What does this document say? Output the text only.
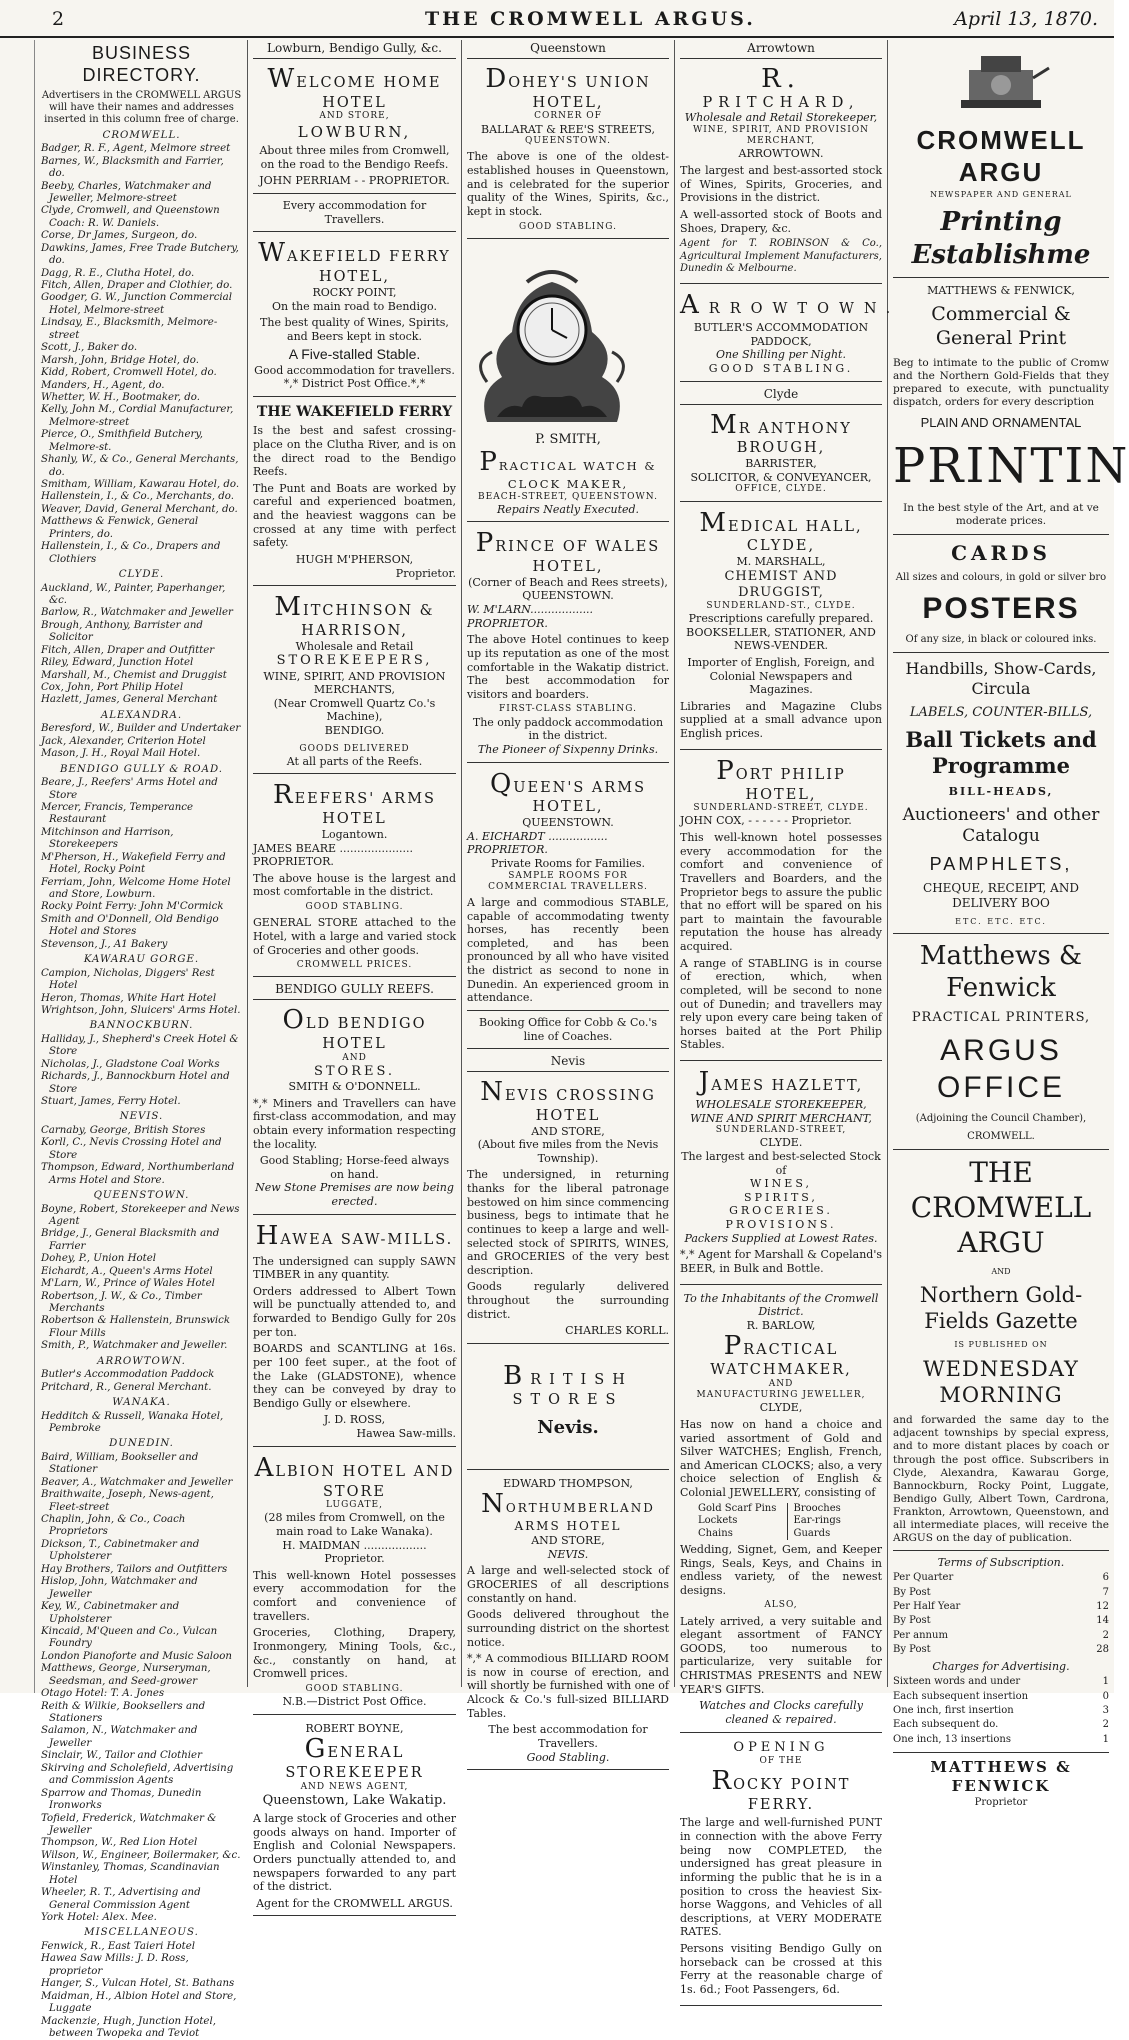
2	THE CROMWELL ARGUS.	April 13, 1870.
BUSINESS DIRECTORY.
Advertisers in the CROMWELL ARGUS will have their names and addresses inserted in this column free of charge.
CROMWELL.
Badger, R. F., Agent, Melmore street
Barnes, W., Blacksmith and Farrier, do.
Beeby, Charles, Watchmaker and Jeweller, Melmore-street
Clyde, Cromwell, and Queenstown Coach: R. W. Daniels.
Corse, Dr James, Surgeon, do.
Dawkins, James, Free Trade Butchery, do.
Dagg, R. E., Clutha Hotel, do.
Fitch, Allen, Draper and Clothier, do.
Goodger, G. W., Junction Commercial Hotel, Melmore-street
Lindsay, E., Blacksmith, Melmore-street
Scott, J., Baker do.
Marsh, John, Bridge Hotel, do.
Kidd, Robert, Cromwell Hotel, do.
Manders, H., Agent, do.
Whetter, W. H., Bootmaker, do.
Kelly, John M., Cordial Manufacturer, Melmore-street
Pierce, O., Smithfield Butchery, Melmore-st.
Shanly, W., & Co., General Merchants, do.
Smitham, William, Kawarau Hotel, do.
Hallenstein, I., & Co., Merchants, do.
Weaver, David, General Merchant, do.
Matthews & Fenwick, General Printers, do.
Hallenstein, I., & Co., Drapers and Clothiers
CLYDE.
Auckland, W., Painter, Paperhanger, &c.
Barlow, R., Watchmaker and Jeweller
Brough, Anthony, Barrister and Solicitor
Fitch, Allen, Draper and Outfitter
Riley, Edward, Junction Hotel
Marshall, M., Chemist and Druggist
Cox, John, Port Philip Hotel
Hazlett, James, General Merchant
ALEXANDRA.
Beresford, W., Builder and Undertaker
Jack, Alexander, Criterion Hotel
Mason, J. H., Royal Mail Hotel.
BENDIGO GULLY & ROAD.
Beare, J., Reefers' Arms Hotel and Store
Mercer, Francis, Temperance Restaurant
Mitchinson and Harrison, Storekeepers
M'Pherson, H., Wakefield Ferry and Hotel, Rocky Point
Ferriam, John, Welcome Home Hotel and Store, Lowburn.
Rocky Point Ferry: John M'Cormick
Smith and O'Donnell, Old Bendigo Hotel and Stores
Stevenson, J., A1 Bakery
KAWARAU GORGE.
Campion, Nicholas, Diggers' Rest Hotel
Heron, Thomas, White Hart Hotel
Wrightson, John, Sluicers' Arms Hotel.
BANNOCKBURN.
Halliday, J., Shepherd's Creek Hotel & Store
Nicholas, J., Gladstone Coal Works
Richards, J., Bannockburn Hotel and Store
Stuart, James, Ferry Hotel.
NEVIS.
Carnaby, George, British Stores
Korll, C., Nevis Crossing Hotel and Store
Thompson, Edward, Northumberland Arms Hotel and Store.
QUEENSTOWN.
Boyne, Robert, Storekeeper and News Agent
Bridge, J., General Blacksmith and Farrier
Dohey, P., Union Hotel
Eichardt, A., Queen's Arms Hotel
M'Larn, W., Prince of Wales Hotel
Robertson, J. W., & Co., Timber Merchants
Robertson & Hallenstein, Brunswick Flour Mills
Smith, P., Watchmaker and Jeweller.
ARROWTOWN.
Butler's Accommodation Paddock
Pritchard, R., General Merchant.
WANAKA.
Hedditch & Russell, Wanaka Hotel, Pembroke
DUNEDIN.
Baird, William, Bookseller and Stationer
Beaver, A., Watchmaker and Jeweller
Braithwaite, Joseph, News-agent, Fleet-street
Chaplin, John, & Co., Coach Proprietors
Dickson, T., Cabinetmaker and Upholsterer
Hay Brothers, Tailors and Outfitters
Hislop, John, Watchmaker and Jeweller
Key, W., Cabinetmaker and Upholsterer
Kincaid, M'Queen and Co., Vulcan Foundry
London Pianoforte and Music Saloon
Matthews, George, Nurseryman, Seedsman, and Seed-grower
Otago Hotel: T. A. Jones
Reith & Wilkie, Booksellers and Stationers
Salamon, N., Watchmaker and Jeweller
Sinclair, W., Tailor and Clothier
Skirving and Scholefield, Advertising and Commission Agents
Sparrow and Thomas, Dunedin Ironworks
Tofield, Frederick, Watchmaker & Jeweller
Thompson, W., Red Lion Hotel
Wilson, W., Engineer, Boilermaker, &c.
Winstanley, Thomas, Scandinavian Hotel
Wheeler, R. T., Advertising and General Commission Agent
York Hotel: Alex. Mee.
MISCELLANEOUS.
Fenwick, R., East Taieri Hotel
Hawea Saw Mills: J. D. Ross, proprietor
Hanger, S., Vulcan Hotel, St. Bathans
Maidman, H., Albion Hotel and Store, Luggate
Mackenzie, Hugh, Junction Hotel, between Twopeka and Teviot
Lowburn, Bendigo Gully, &c.
WELCOME HOME HOTEL
AND STORE,
LOWBURN,

About three miles from Cromwell, on the road to the Bendigo Reefs.

JOHN PERRIAM - - PROPRIETOR.
Every accommodation for Travellers.
WAKEFIELD FERRY HOTEL,
ROCKY POINT,
On the main road to Bendigo.

The best quality of Wines, Spirits, and Beers kept in stock.

A Five-stalled Stable.
Good accommodation for travellers.
*,* District Post Office.*,*
THE WAKEFIELD FERRY

Is the best and safest crossing-place on the Clutha River, and is on the direct road to the Bendigo Reefs.

The Punt and Boats are worked by careful and experienced boatmen, and the heaviest waggons can be crossed at any time with perfect safety.

HUGH M'PHERSON,
Proprietor.
MITCHINSON & HARRISON,
Wholesale and Retail
STOREKEEPERS,
WINE, SPIRIT, AND PROVISION MERCHANTS,
(Near Cromwell Quartz Co.'s Machine),
BENDIGO.
GOODS DELIVERED
At all parts of the Reefs.
REEFERS' ARMS HOTEL
Logantown.
JAMES BEARE ..................... PROPRIETOR.

The above house is the largest and most comfortable in the district.

GOOD STABLING.

GENERAL STORE attached to the Hotel, with a large and varied stock of Groceries and other goods.

CROMWELL PRICES.
BENDIGO GULLY REEFS.
OLD BENDIGO HOTEL
AND
STORES.
SMITH & O'DONNELL.

*,* Miners and Travellers can have first-class accommodation, and may obtain every information respecting the locality.

Good Stabling; Horse-feed always on hand.
New Stone Premises are now being erected.
HAWEA SAW-MILLS.

The undersigned can supply SAWN TIMBER in any quantity.

Orders addressed to Albert Town will be punctually attended to, and forwarded to Bendigo Gully for 20s per ton.

BOARDS and SCANTLING at 16s. per 100 feet super., at the foot of the Lake (GLADSTONE), whence they can be conveyed by dray to Bendigo Gully or elsewhere.

J. D. ROSS,
Hawea Saw-mills.
ALBION HOTEL AND STORE
LUGGATE,
(28 miles from Cromwell, on the main road to Lake Wanaka).
H. MAIDMAN .................. Proprietor.

This well-known Hotel possesses every accommodation for the comfort and convenience of travellers.

Groceries, Clothing, Drapery, Ironmongery, Mining Tools, &c., &c., constantly on hand, at Cromwell prices.

GOOD STABLING.
N.B.—District Post Office.
ROBERT BOYNE,
GENERAL STOREKEEPER
AND NEWS AGENT,
Queenstown, Lake Wakatip.

A large stock of Groceries and other goods always on hand. Importer of English and Colonial Newspapers. Orders punctually attended to, and newspapers forwarded to any part of the district.

Agent for the CROMWELL ARGUS.
Queenstown
DOHEY'S UNION HOTEL,
CORNER OF
BALLARAT & REE'S STREETS,
QUEENSTOWN.

The above is one of the oldest-established houses in Queenstown, and is celebrated for the superior quality of the Wines, Spirits, &c., kept in stock.

GOOD STABLING.
P. SMITH,
PRACTICAL WATCH & CLOCK MAKER,
BEACH-STREET, QUEENSTOWN.
Repairs Neatly Executed.
PRINCE OF WALES HOTEL,
(Corner of Beach and Rees streets),
QUEENSTOWN.
W. M'LARN.................. PROPRIETOR.

The above Hotel continues to keep up its reputation as one of the most comfortable in the Wakatip district. The best accommodation for visitors and boarders.

FIRST-CLASS STABLING.
The only paddock accommodation in the district.
The Pioneer of Sixpenny Drinks.
QUEEN'S ARMS HOTEL,
QUEENSTOWN.
A. EICHARDT ................. PROPRIETOR.
Private Rooms for Families.
SAMPLE ROOMS FOR COMMERCIAL TRAVELLERS.

A large and commodious STABLE, capable of accommodating twenty horses, has recently been completed, and has been pronounced by all who have visited the district as second to none in Dunedin. An experienced groom in attendance.

Booking Office for Cobb & Co.'s line of Coaches.
Nevis
NEVIS CROSSING HOTEL
AND STORE,
(About five miles from the Nevis Township).

The undersigned, in returning thanks for the liberal patronage bestowed on him since commencing business, begs to intimate that he continues to keep a large and well-selected stock of SPIRITS, WINES, and GROCERIES of the very best description.

Goods regularly delivered throughout the surrounding district.

CHARLES KORLL.
BRITISH STORES
Nevis.
EDWARD THOMPSON,
NORTHUMBERLAND ARMS HOTEL
AND STORE,
NEVIS.

A large and well-selected stock of GROCERIES of all descriptions constantly on hand.

Goods delivered throughout the surrounding district on the shortest notice.

*,* A commodious BILLIARD ROOM is now in course of erection, and will shortly be furnished with one of Alcock & Co.'s full-sized BILLIARD Tables.

The best accommodation for Travellers.
Good Stabling.
Arrowtown
R. PRITCHARD,
Wholesale and Retail Storekeeper,
WINE, SPIRIT, AND PROVISION MERCHANT,
ARROWTOWN.

The largest and best-assorted stock of Wines, Spirits, Groceries, and Provisions in the district.

A well-assorted stock of Boots and Shoes, Drapery, &c.

Agent for T. ROBINSON & Co., Agricultural Implement Manufacturers, Dunedin & Melbourne.

ARROWTOWN.
BUTLER'S ACCOMMODATION PADDOCK,
One Shilling per Night.
GOOD STABLING.
Clyde
MR ANTHONY BROUGH,
BARRISTER,
SOLICITOR, & CONVEYANCER,
OFFICE, CLYDE.
MEDICAL HALL, CLYDE,
M. MARSHALL,
CHEMIST AND DRUGGIST,
SUNDERLAND-ST., CLYDE.
Prescriptions carefully prepared.
BOOKSELLER, STATIONER, AND NEWS-VENDER.

Importer of English, Foreign, and Colonial Newspapers and Magazines.

Libraries and Magazine Clubs supplied at a small advance upon English prices.

PORT PHILIP HOTEL,
SUNDERLAND-STREET, CLYDE.
JOHN COX, - - - - - - Proprietor.

This well-known hotel possesses every accommodation for the comfort and convenience of Travellers and Boarders, and the Proprietor begs to assure the public that no effort will be spared on his part to maintain the favourable reputation the house has already acquired.

A range of STABLING is in course of erection, which, when completed, will be second to none out of Dunedin; and travellers may rely upon every care being taken of horses baited at the Port Philip Stables.

JAMES HAZLETT,
WHOLESALE STOREKEEPER,
WINE AND SPIRIT MERCHANT,
SUNDERLAND-STREET,
CLYDE.
The largest and best-selected Stock of
WINES,
SPIRITS,
GROCERIES.
PROVISIONS.
Packers Supplied at Lowest Rates.

*,* Agent for Marshall & Copeland's BEER, in Bulk and Bottle.

To the Inhabitants of the Cromwell District.
R. BARLOW,
PRACTICAL WATCHMAKER,
AND
MANUFACTURING JEWELLER,
CLYDE,

Has now on hand a choice and varied assortment of Gold and Silver WATCHES; English, French, and American CLOCKS; also, a very choice selection of English & Colonial JEWELLERY, consisting of

Gold Scarf Pins
Lockets
Chains
Brooches
Ear-rings
Guards

Wedding, Signet, Gem, and Keeper Rings, Seals, Keys, and Chains in endless variety, of the newest designs.

ALSO,

Lately arrived, a very suitable and elegant assortment of FANCY GOODS, too numerous to particularize, very suitable for CHRISTMAS PRESENTS and NEW YEAR'S GIFTS.

Watches and Clocks carefully cleaned & repaired.
OPENING
OF THE
ROCKY POINT FERRY.

The large and well-furnished PUNT in connection with the above Ferry being now COMPLETED, the undersigned has great pleasure in informing the public that he is in a position to cross the heaviest Six-horse Waggons, and Vehicles of all descriptions, at VERY MODERATE RATES.

Persons visiting Bendigo Gully on horseback can be crossed at this Ferry at the reasonable charge of 1s. 6d.; Foot Passengers, 6d.

CROMWELL ARGU
NEWSPAPER AND GENERAL
Printing Establishme
MATTHEWS & FENWICK,
Commercial & General Print

Beg to intimate to the public of Cromw and the Northern Gold-Fields that they prepared to execute, with punctuality dispatch, orders for every description

PLAIN AND ORNAMENTAL
PRINTIN
In the best style of the Art, and at ve moderate prices.
CARDS
All sizes and colours, in gold or silver bro
POSTERS
Of any size, in black or coloured inks.
Handbills, Show-Cards, Circula
LABELS, COUNTER-BILLS,
Ball Tickets and Programme
BILL-HEADS,
Auctioneers' and other Catalogu
PAMPHLETS,
CHEQUE, RECEIPT, AND DELIVERY BOO
ETC. ETC. ETC.
Matthews & Fenwick
PRACTICAL PRINTERS,
ARGUS OFFICE
(Adjoining the Council Chamber),
CROMWELL.
THE CROMWELL ARGU
AND
Northern Gold-Fields Gazette
IS PUBLISHED ON
WEDNESDAY MORNING

and forwarded the same day to the adjacent townships by special express, and to more distant places by coach or through the post office. Subscribers in Clyde, Alexandra, Kawarau Gorge, Bannockburn, Rocky Point, Luggate, Bendigo Gully, Albert Town, Cardrona, Frankton, Arrowtown, Queenstown, and all intermediate places, will receive the ARGUS on the day of publication.

Terms of Subscription.
Per Quarter	6
By Post	7
Per Half Year	12
By Post	14
Per annum	2
By Post	28
Charges for Advertising.
Sixteen words and under	1
Each subsequent insertion	0
One inch, first insertion	3
Each subsequent do.	2
One inch, 13 insertions	1
MATTHEWS & FENWICK
Proprietor
